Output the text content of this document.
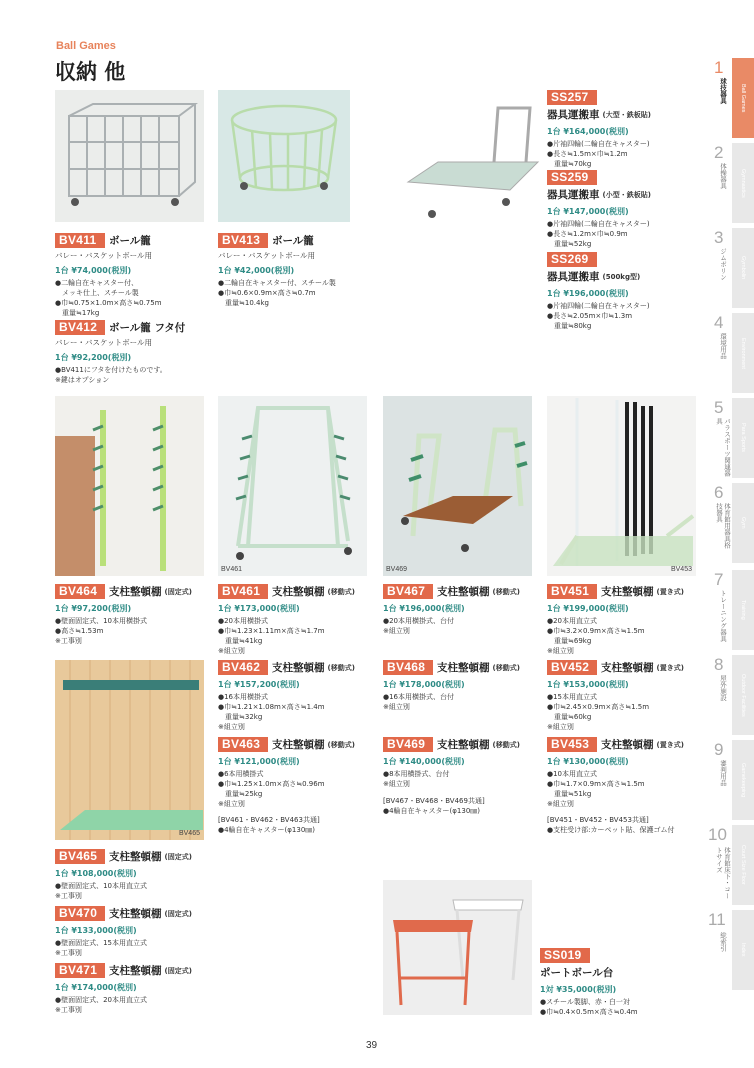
Ball Games
収納 他
BV461	BV469	BV453
BV465
BV411	ボール籠
バレー・バスケットボール用
1台 ¥74,000(税別)
●二輪自在キャスター付、
　メッキ仕上、スチール製
●巾≒0.75×1.0m×高さ≒0.75m
　重量≒17kg
BV413	ボール籠
バレー・バスケットボール用
1台 ¥42,000(税別)
●二輪自在キャスター付、スチール製
●巾≒0.6×0.9m×高さ≒0.7m
　重量≒10.4kg
BV412	ボール籠 フタ付
バレー・バスケットボール用
1台 ¥92,200(税別)
●BV411にフタを付けたものです。
※鍵はオプション
SS257
器具運搬車 (大型・鉄板貼)
1台 ¥164,000(税別)
●片袖四輪(二輪自在キャスター)
●長さ≒1.5m×巾≒1.2m
　重量≒70kg
SS259
器具運搬車 (小型・鉄板貼)
1台 ¥147,000(税別)
●片袖四輪(二輪自在キャスター)
●長さ≒1.2m×巾≒0.9m
　重量≒52kg
SS269
器具運搬車 (500kg型)
1台 ¥196,000(税別)
●片袖四輪(二輪自在キャスター)
●長さ≒2.05m×巾≒1.3m
　重量≒80kg
BV464	支柱整頓棚 (固定式)
1台 ¥97,200(税別)
●壁面固定式、10本用横掛式
●高さ≒1.53m
※工事別
BV461	支柱整頓棚 (移動式)
1台 ¥173,000(税別)
●20本用横掛式
●巾≒1.23×1.11m×高さ≒1.7m
　重量≒41kg
※組立別
BV462	支柱整頓棚 (移動式)
1台 ¥157,200(税別)
●16本用横掛式
●巾≒1.21×1.08m×高さ≒1.4m
　重量≒32kg
※組立別
BV463	支柱整頓棚 (移動式)
1台 ¥121,000(税別)
●6本用横掛式
●巾≒1.25×1.0m×高さ≒0.96m
　重量≒25kg
※組立別
[BV461・BV462・BV463共通]
●4輪自在キャスター(φ130㎜)
BV467	支柱整頓棚 (移動式)
1台 ¥196,000(税別)
●20本用横掛式、台付
※組立別
BV468	支柱整頓棚 (移動式)
1台 ¥178,000(税別)
●16本用横掛式、台付
※組立別
BV469	支柱整頓棚 (移動式)
1台 ¥140,000(税別)
●8本用横掛式、台付
※組立別
[BV467・BV468・BV469共通]
●4輪自在キャスター(φ130㎜)
BV451	支柱整頓棚 (置き式)
1台 ¥199,000(税別)
●20本用直立式
●巾≒3.2×0.9m×高さ≒1.5m
　重量≒69kg
※組立別
BV452	支柱整頓棚 (置き式)
1台 ¥153,000(税別)
●15本用直立式
●巾≒2.45×0.9m×高さ≒1.5m
　重量≒60kg
※組立別
BV453	支柱整頓棚 (置き式)
1台 ¥130,000(税別)
●10本用直立式
●巾≒1.7×0.9m×高さ≒1.5m
　重量≒51kg
※組立別
[BV451・BV452・BV453共通]
●支柱受け部:カーペット貼、保護ゴム付
BV465	支柱整頓棚 (固定式)
1台 ¥108,000(税別)
●壁面固定式、10本用直立式
※工事別
BV470	支柱整頓棚 (固定式)
1台 ¥133,000(税別)
●壁面固定式、15本用直立式
※工事別
BV471	支柱整頓棚 (固定式)
1台 ¥174,000(税別)
●壁面固定式、20本用直立式
※工事別
SS019
ポートボール台
1対 ¥35,000(税別)
●スチール製脚、赤・白一対
●巾≒0.4×0.5m×高さ≒0.4m
1
Ball Games
2
Gymnastics
3
Gymbolin
4
Environment
5
Para Sports
6
Gym
7
Training
8
Outdoor Facilities
9
Gamekeeping
10
Court Size Floor
11
Index
球技器具
体操器具
ジムボリン
環境用品
パラスポーツ関連器具
体育館用器具格技器具
トレーニング器具
屋外施設
審判用品
体育館床下・コートサイズ
総索引
39
